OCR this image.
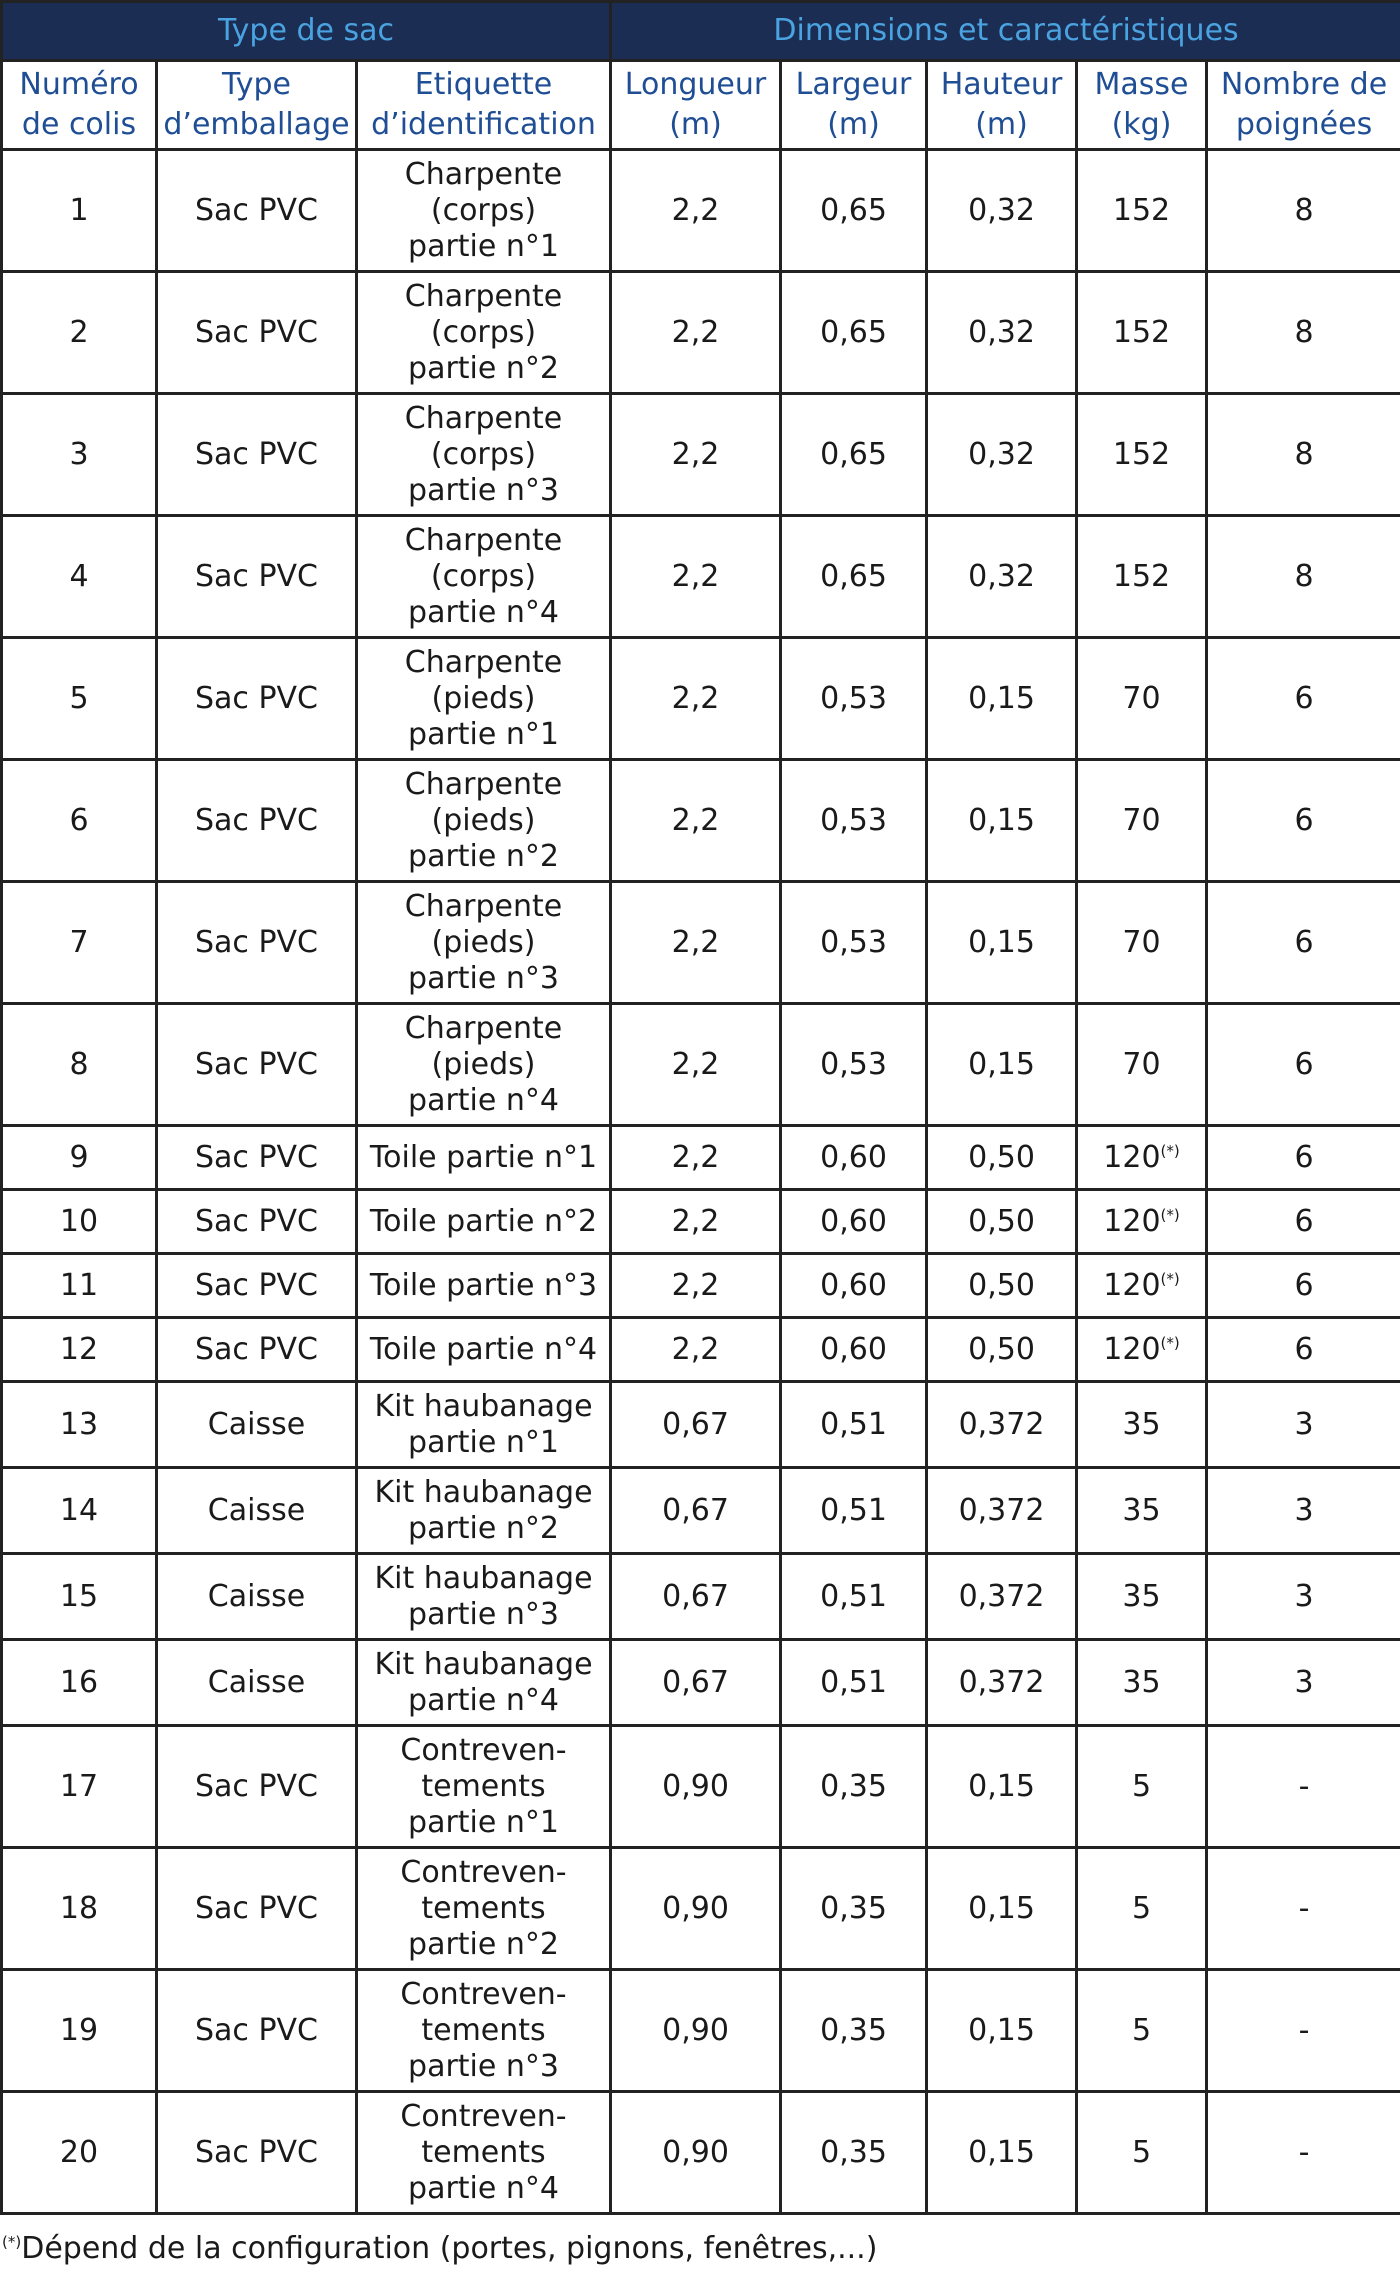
Type de sac			Dimensions et caractéristiques				
Numéro
de colis	Type
d’emballage	Etiquette
d’identification	Longueur
(m)	Largeur
(m)	Hauteur
(m)	Masse
(kg)	Nombre de
poignées
1	Sac PVC	Charpente
(corps)
partie n°1	2,2	0,65	0,32	152	8
2	Sac PVC	Charpente
(corps)
partie n°2	2,2	0,65	0,32	152	8
3	Sac PVC	Charpente
(corps)
partie n°3	2,2	0,65	0,32	152	8
4	Sac PVC	Charpente
(corps)
partie n°4	2,2	0,65	0,32	152	8
5	Sac PVC	Charpente
(pieds)
partie n°1	2,2	0,53	0,15	70	6
6	Sac PVC	Charpente
(pieds)
partie n°2	2,2	0,53	0,15	70	6
7	Sac PVC	Charpente
(pieds)
partie n°3	2,2	0,53	0,15	70	6
8	Sac PVC	Charpente
(pieds)
partie n°4	2,2	0,53	0,15	70	6
9	Sac PVC	Toile partie n°1	2,2	0,60	0,50	120(*)	6
10	Sac PVC	Toile partie n°2	2,2	0,60	0,50	120(*)	6
11	Sac PVC	Toile partie n°3	2,2	0,60	0,50	120(*)	6
12	Sac PVC	Toile partie n°4	2,2	0,60	0,50	120(*)	6
13	Caisse	Kit haubanage
partie n°1	0,67	0,51	0,372	35	3
14	Caisse	Kit haubanage
partie n°2	0,67	0,51	0,372	35	3
15	Caisse	Kit haubanage
partie n°3	0,67	0,51	0,372	35	3
16	Caisse	Kit haubanage
partie n°4	0,67	0,51	0,372	35	3
17	Sac PVC	Contreven-
tements
partie n°1	0,90	0,35	0,15	5	-
18	Sac PVC	Contreven-
tements
partie n°2	0,90	0,35	0,15	5	-
19	Sac PVC	Contreven-
tements
partie n°3	0,90	0,35	0,15	5	-
20	Sac PVC	Contreven-
tements
partie n°4	0,90	0,35	0,15	5	-
(*)Dépend de la configuration (portes, pignons, fenêtres,...)
